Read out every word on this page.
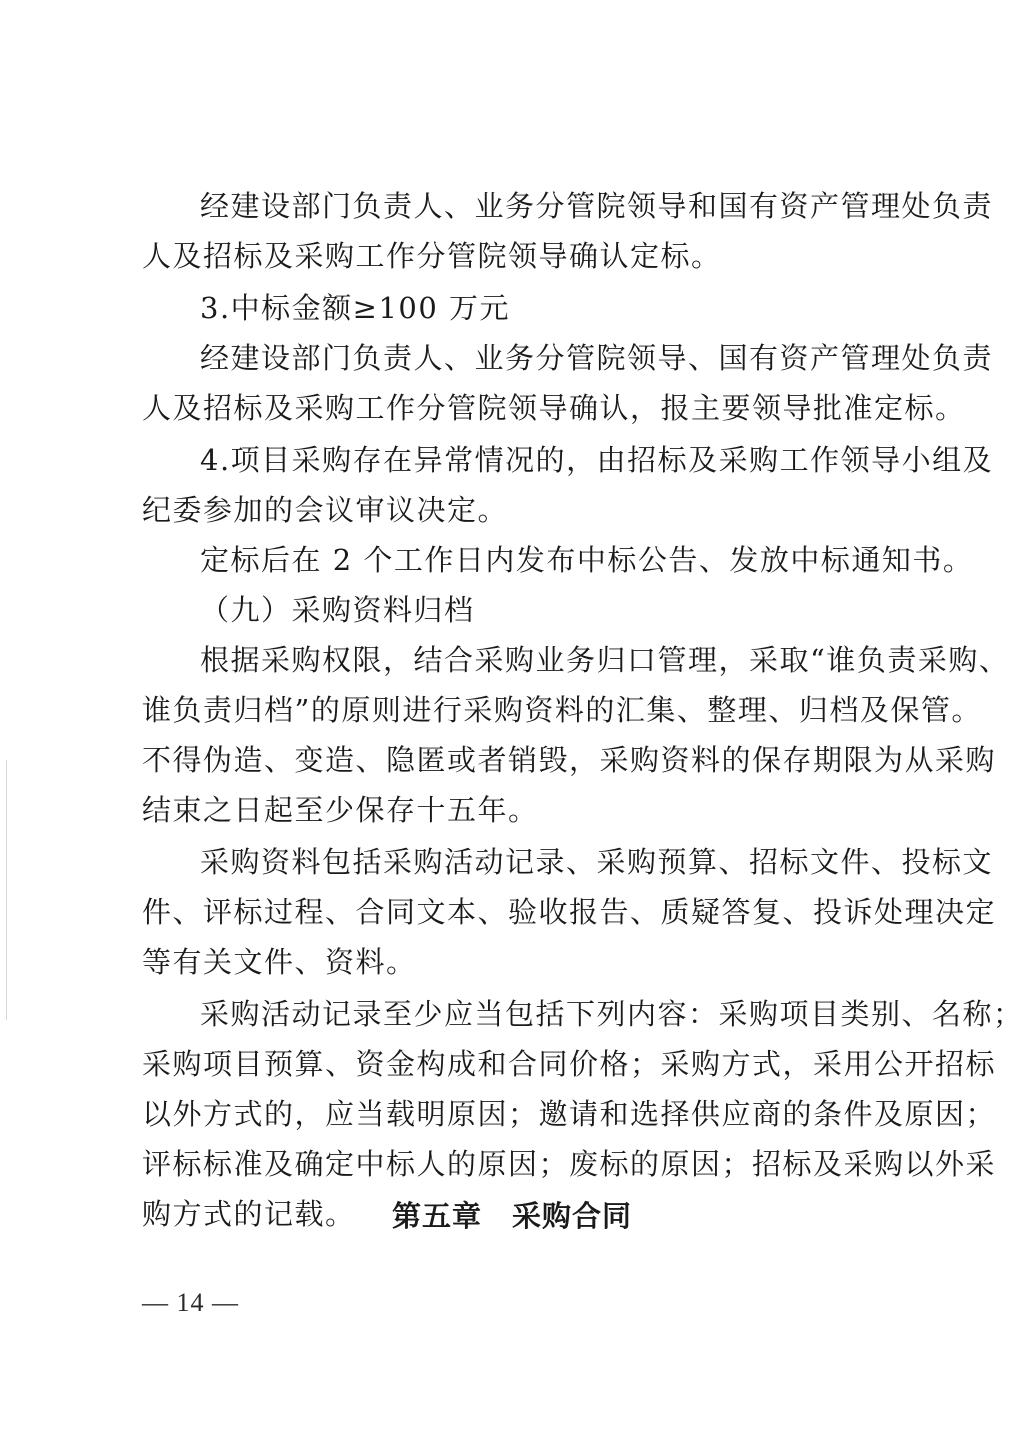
经建设部门负责人、业务分管院领导和国有资产管理处负责
人及招标及采购工作分管院领导确认定标。
3.中标金额≥100 万元
经建设部门负责人、业务分管院领导、国有资产管理处负责
人及招标及采购工作分管院领导确认，报主要领导批准定标。
4.项目采购存在异常情况的，由招标及采购工作领导小组及
纪委参加的会议审议决定。
定标后在 2 个工作日内发布中标公告、发放中标通知书。
（九）采购资料归档
根据采购权限，结合采购业务归口管理，采取“谁负责采购、
谁负责归档”的原则进行采购资料的汇集、整理、归档及保管。
不得伪造、变造、隐匿或者销毁，采购资料的保存期限为从采购
结束之日起至少保存十五年。
采购资料包括采购活动记录、采购预算、招标文件、投标文
件、评标过程、合同文本、验收报告、质疑答复、投诉处理决定
等有关文件、资料。
采购活动记录至少应当包括下列内容：采购项目类别、名称；
采购项目预算、资金构成和合同价格；采购方式，采用公开招标
以外方式的，应当载明原因；邀请和选择供应商的条件及原因；
评标标准及确定中标人的原因；废标的原因；招标及采购以外采
购方式的记载。	第五章　采购合同
— 14 —
